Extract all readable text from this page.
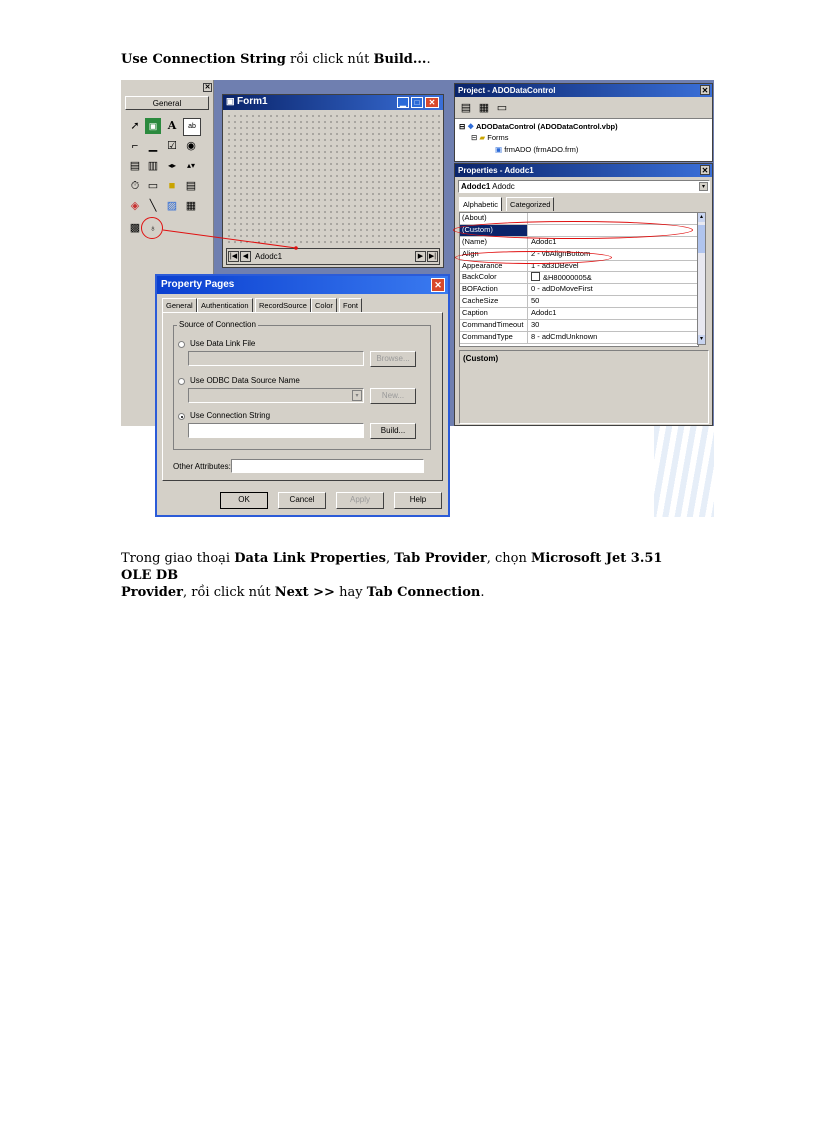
Use Connection String rồi click nút Build....
✕
General
➚	▣ A	ab
⌐ ▁ ☑ ◉
▤ ▥	◂▸	▴▾
⏱ ▭ ■ ▤
◈ ╲ ▨ ▦
▩	♁
▣ Form1	▁	□	✕
|◀ ◀ Adodc1	▶ ▶|
Project - ADODataControl	✕
▤ ▦ ▭
⊟ ❖ ADODataControl (ADODataControl.vbp)
⊟ ▰ Forms
▣ frmADO (frmADO.frm)
Properties - Adodc1	✕
Adodc1 Adodc	▾
Alphabetic	Categorized
(About)
(Custom)
(Name)	Adodc1
Align	2 - vbAlignBottom
Appearance	1 - ad3DBevel
BackColor	&H80000005&
BOFAction	0 - adDoMoveFirst
CacheSize	50
Caption	Adodc1
CommandTimeout	30
CommandType	8 - adCmdUnknown
▴
▾
(Custom)
Property Pages	✕
General	Authentication	RecordSource	Color	Font
Source of Connection
Use Data Link File
Browse...
Use ODBC Data Source Name
▾	New...
Use Connection String
Build...
Other Attributes:
OK	Cancel	Apply	Help
Trong giao thoại Data Link Properties, Tab Provider, chọn Microsoft Jet 3.51 OLE DB
Provider, rồi click nút Next >> hay Tab Connection.
